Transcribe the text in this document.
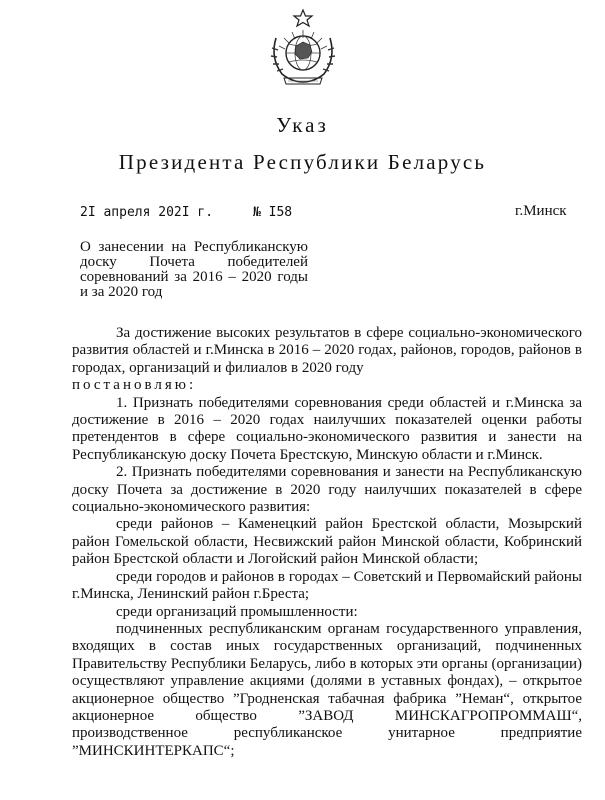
Указ
Президента Республики Беларусь
2I апреля 202I г.	№ I58	г.Минск
О занесении на Республиканскую доску Почета победителей соревнований за 2016 – 2020 годы и за 2020 год

За достижение высоких результатов в сфере социально-экономического развития областей и г.Минска в 2016 – 2020 годах, районов, городов, районов в городах, организаций и филиалов в 2020 году

постановляю:

1. Признать победителями соревнования среди областей и г.Минска за достижение в 2016 – 2020 годах наилучших показателей оценки работы претендентов в сфере социально-экономического развития и занести на Республиканскую доску Почета Брестскую, Минскую области и г.Минск.

2. Признать победителями соревнования и занести на Республиканскую доску Почета за достижение в 2020 году наилучших показателей в сфере социально-экономического развития:

среди районов – Каменецкий район Брестской области, Мозырский район Гомельской области, Несвижский район Минской области, Кобринский район Брестской области и Логойский район Минской области;

среди городов и районов в городах – Советский и Первомайский районы г.Минска, Ленинский район г.Бреста;

среди организаций промышленности:

подчиненных республиканским органам государственного управления, входящих в состав иных государственных организаций, подчиненных Правительству Республики Беларусь, либо в которых эти органы (организации) осуществляют управление акциями (долями в уставных фондах), – открытое акционерное общество ”Гродненская табачная фабрика ”Неман“, открытое акционерное общество ”ЗАВОД МИНСКАГРОПРОММАШ“, производственное республиканское унитарное предприятие ”МИНСКИНТЕРКАПС“;
